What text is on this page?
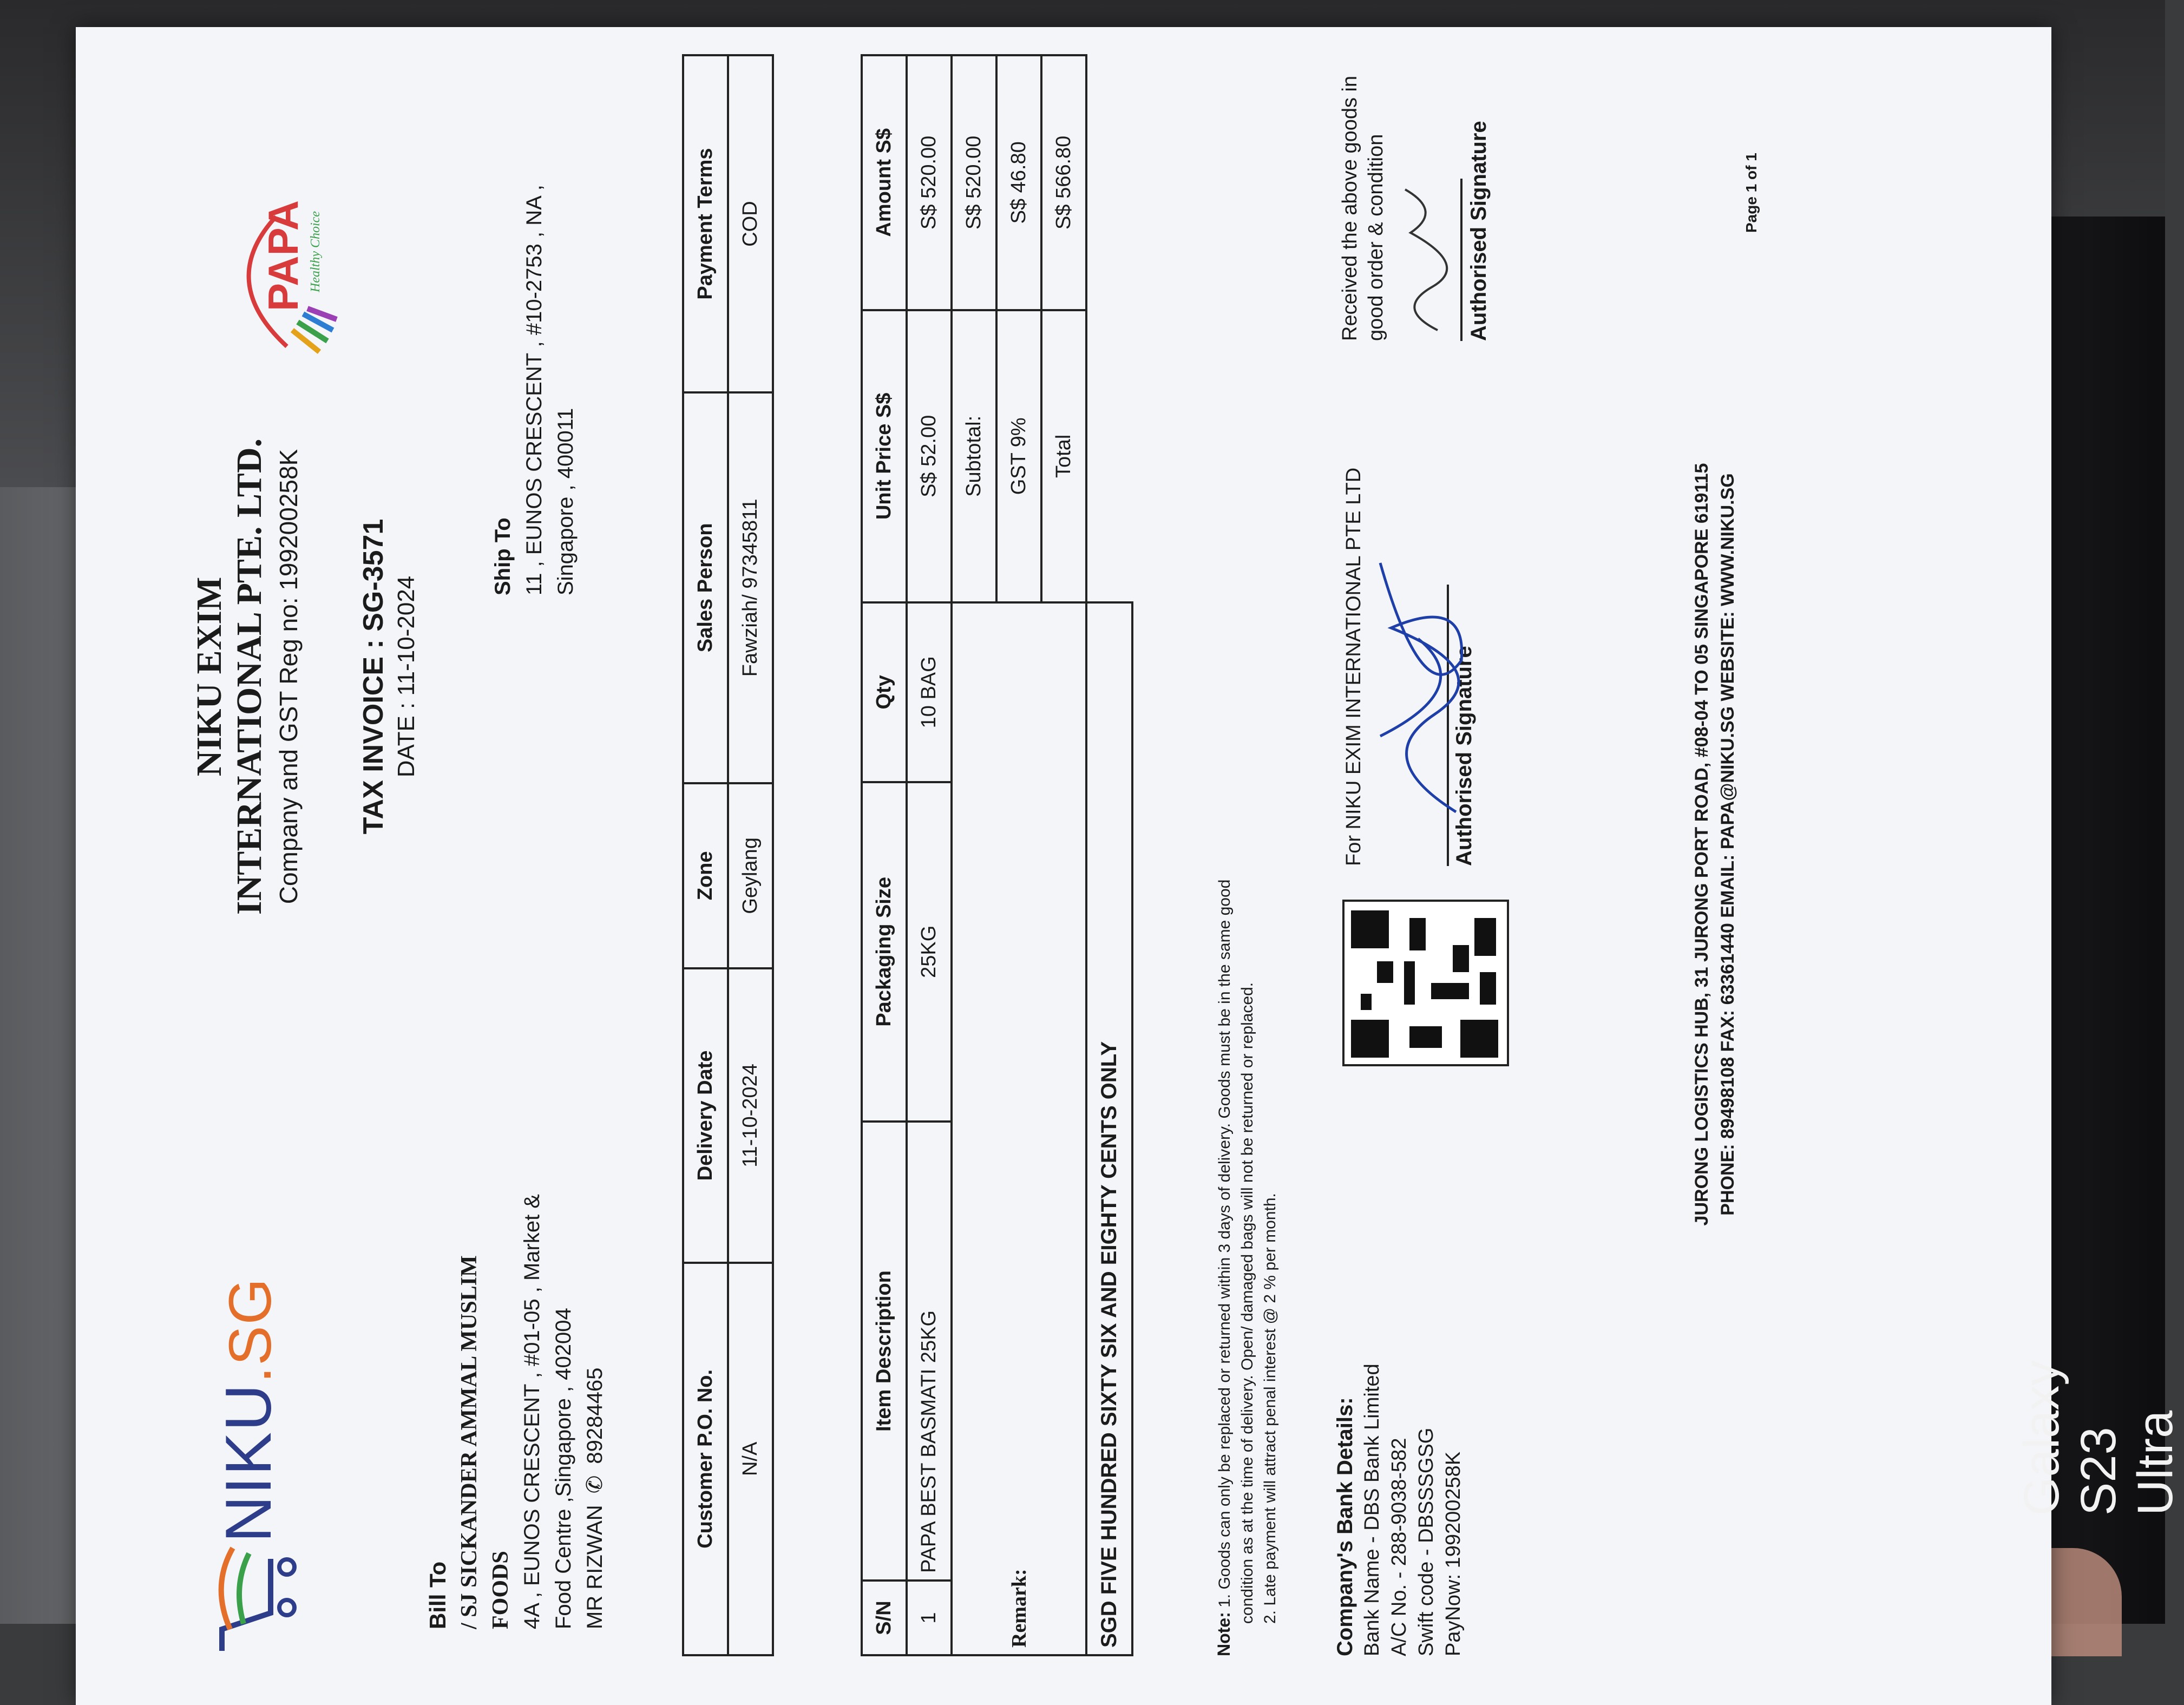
NIKU.SG
NIKU EXIM INTERNATIONAL PTE. LTD. Company and GST Reg no: 199200258K
PAPA Healthy Choice
TAX INVOICE : SG-3571 DATE : 11-10-2024
Bill To / SJ SICKANDER AMMAL MUSLIM FOODS 4A , EUNOS CRESCENT , #01-05 , Market & Food Centre ,Singapore , 402004 MR RIZWAN ✆ 89284465
Ship To 11 , EUNOS CRESCENT , #10-2753 , NA , Singapore , 400011
Customer P.O. No.	Delivery Date	Zone	Sales Person	Payment Terms
N/A	11-10-2024	Geylang	Fawziah/ 97345811	COD
S/N	Item Description	Packaging Size	Qty	Unit Price S$	Amount S$
1	PAPA BEST BASMATI 25KG	25KG	10 BAG	S$ 52.00	S$ 520.00
Remark:				Subtotal:	S$ 520.00
				GST 9%	S$ 46.80
				Total	S$ 566.80
SGD FIVE HUNDRED SIXTY SIX AND EIGHTY CENTS ONLY						Note: 1. Goods can only be replaced or returned within 3 days of delivery. Goods must be in the same good condition as at the time of delivery. Open/ damaged bags will not be returned or replaced. 2. Late payment will attract penal interest @ 2 % per month.	Company's Bank Details: Bank Name - DBS Bank Limited A/C No. - 288-9038-582 Swift code - DBSSSGSG PayNow: 199200258K
For NIKU EXIM INTERNATIONAL PTE LTD	Authorised Signature
Received the above goods in good order & condition	Authorised Signature
JURONG LOGISTICS HUB, 31 JURONG PORT ROAD, #08-04 TO 05 SINGAPORE 619115 PHONE: 89498108 FAX: 63361440 EMAIL: PAPA@NIKU.SG WEBSITE: WWW.NIKU.SG
Page 1 of 1
Galaxy S23 Ultra
